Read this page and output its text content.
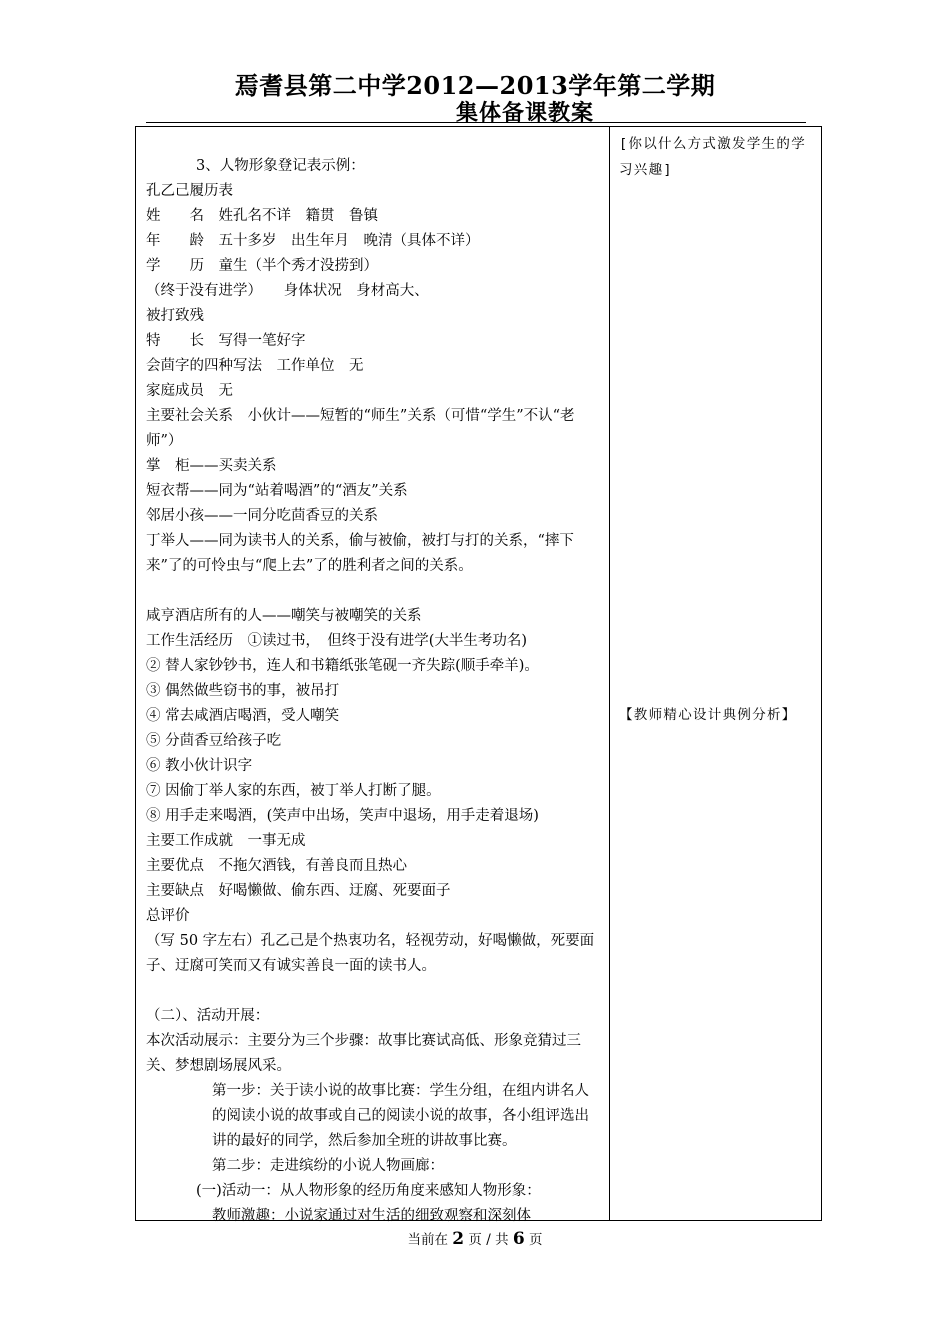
焉耆县第二中学2012—2013学年第二学期
集体备课教案
3、人物形象登记表示例：
孔乙己履历表
姓　　名　姓孔名不详　籍贯　鲁镇
年　　龄　五十多岁　出生年月　晚清（具体不详）
学　　历　童生（半个秀才没捞到）
（终于没有进学）　　身体状况　身材高大、
被打致残
特　　长　写得一笔好字
会茴字的四种写法　工作单位　无
家庭成员　无
主要社会关系　小伙计——短暂的“师生”关系（可惜“学生”不认“老师”）
掌　柜——买卖关系
短衣帮——同为“站着喝酒”的“酒友”关系
邻居小孩——一同分吃茴香豆的关系
丁举人——同为读书人的关系，偷与被偷，被打与打的关系，“摔下来”了的可怜虫与“爬上去”了的胜利者之间的关系。
咸亨酒店所有的人——嘲笑与被嘲笑的关系
工作生活经历　①读过书，　但终于没有进学(大半生考功名)
② 替人家钞钞书，连人和书籍纸张笔砚一齐失踪(顺手牵羊)。
③ 偶然做些窃书的事，被吊打
④ 常去咸酒店喝酒，受人嘲笑
⑤ 分茴香豆给孩子吃
⑥ 教小伙计识字
⑦ 因偷丁举人家的东西，被丁举人打断了腿。
⑧ 用手走来喝酒，(笑声中出场，笑声中退场，用手走着退场)
主要工作成就　一事无成
主要优点　不拖欠酒钱，有善良而且热心
主要缺点　好喝懒做、偷东西、迂腐、死要面子
总评价
（写 50 字左右）孔乙己是个热衷功名，轻视劳动，好喝懒做，死要面子、迂腐可笑而又有诚实善良一面的读书人。
（二）、活动开展：
本次活动展示：主要分为三个步骤：故事比赛试高低、形象竞猜过三关、梦想剧场展风采。
第一步：关于读小说的故事比赛：学生分组，在组内讲名人的阅读小说的故事或自己的阅读小说的故事，各小组评选出讲的最好的同学，然后参加全班的讲故事比赛。
第二步：走进缤纷的小说人物画廊：
(一)活动一：从人物形象的经历角度来感知人物形象：
教师激趣：小说家通过对生活的细致观察和深刻体
[你以什么方式激发学生的学习兴趣]
【教师精心设计典例分析】
当前在 2 页 / 共 6 页
